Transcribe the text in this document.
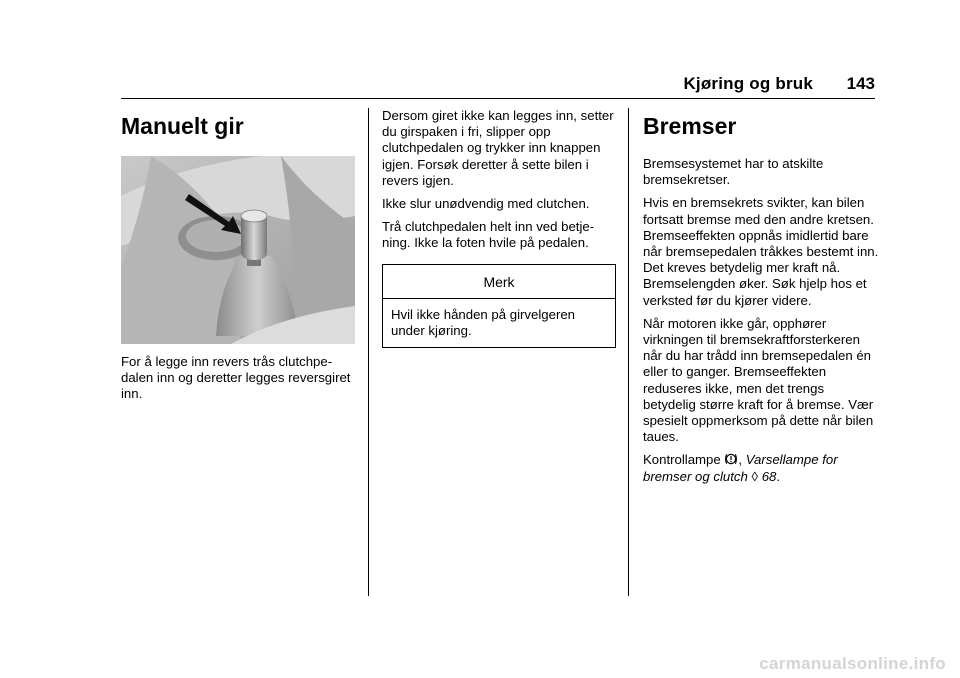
Kjøring og bruk 143
Manuelt gir

For å legge inn revers trås clutchpedalen inn og deretter legges reversgiret inn.

Dersom giret ikke kan legges inn, setter du girspaken i fri, slipper opp clutchpedalen og trykker inn knappen igjen. Forsøk deretter å sette bilen i revers igjen.

Ikke slur unødvendig med clutchen.

Trå clutchpedalen helt inn ved betjening. Ikke la foten hvile på pedalen.

Merk
Hvil ikke hånden på girvelgeren under kjøring.
Bremser

Bremsesystemet har to atskilte bremsekretser.

Hvis en bremsekrets svikter, kan bilen fortsatt bremse med den andre kretsen. Bremseeffekten oppnås imidlertid bare når bremsepedalen tråkkes bestemt inn. Det kreves betydelig mer kraft nå. Bremselengden øker. Søk hjelp hos et verksted før du kjører videre.

Når motoren ikke går, opphører virkningen til bremsekraftforsterkeren når du har trådd inn bremsepedalen én eller to ganger. Bremseeffekten reduseres ikke, men det trengs betydelig større kraft for å bremse. Vær spesielt oppmerksom på dette når bilen taues.

Kontrollampe , Varsellampe for bremser og clutch ◊ 68.

carmanualsonline.info
